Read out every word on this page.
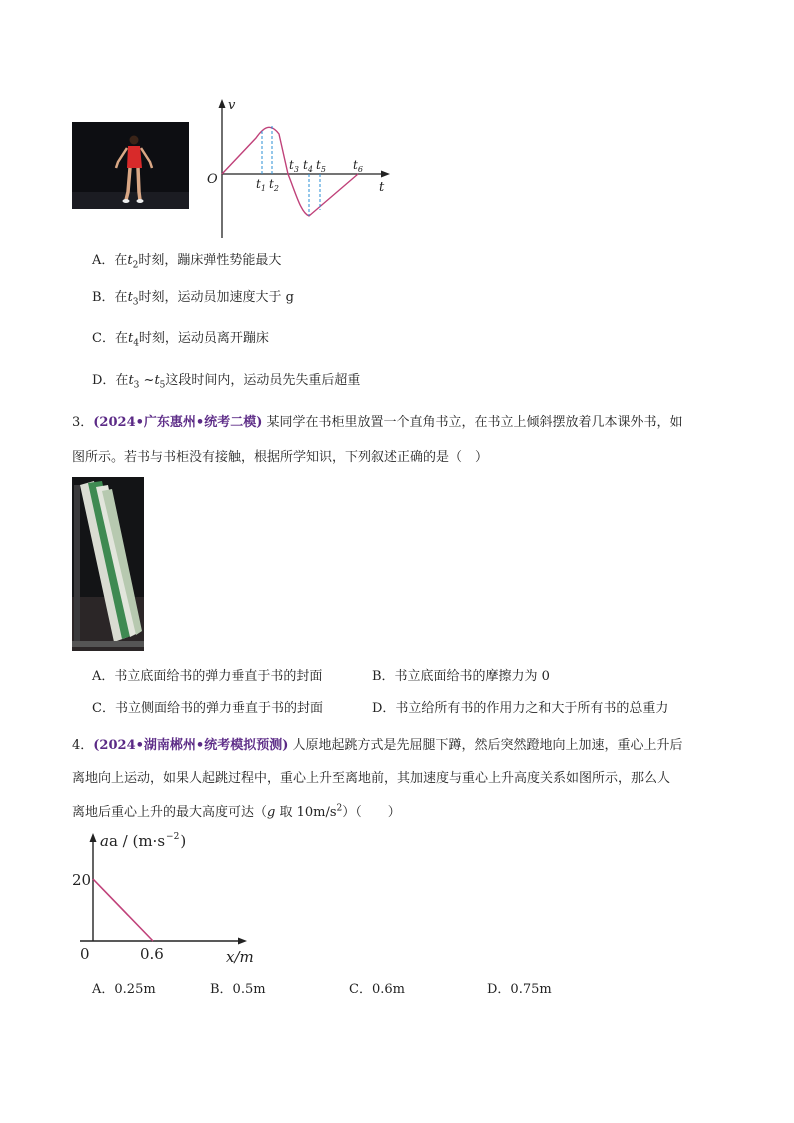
v
t
O	$t_1$ $t_2$
$t_3$ $t_4$ $t_5$ $t_6$
A．在$t_2$时刻，蹦床弹性势能最大
B．在$t_3$时刻，运动员加速度大于 g
C．在$t_4$时刻，运动员离开蹦床
D．在$t_3$ $\sim t_5$这段时间内，运动员先失重后超重
3．(2024•广东惠州•统考二模) 某同学在书柜里放置一个直角书立，在书立上倾斜摆放着几本课外书，如
图所示。若书与书柜没有接触，根据所学知识，下列叙述正确的是（　）
A．书立底面给书的弹力垂直于书的封面	B．书立底面给书的摩擦力为 0
C．书立侧面给书的弹力垂直于书的封面	D．书立给所有书的作用力之和大于所有书的总重力
4．(2024•湖南郴州•统考模拟预测) 人原地起跳方式是先屈腿下蹲，然后突然蹬地向上加速，重心上升后
离地向上运动，如果人起跳过程中，重心上升至离地前，其加速度与重心上升高度关系如图所示，那么人
离地后重心上升的最大高度可达（g 取 $10m/s^2$）（　　）
aa / (m·s −2 )
20
0.6
0	x/m
A．0.25m	B．0.5m	C．0.6m	D．0.75m
